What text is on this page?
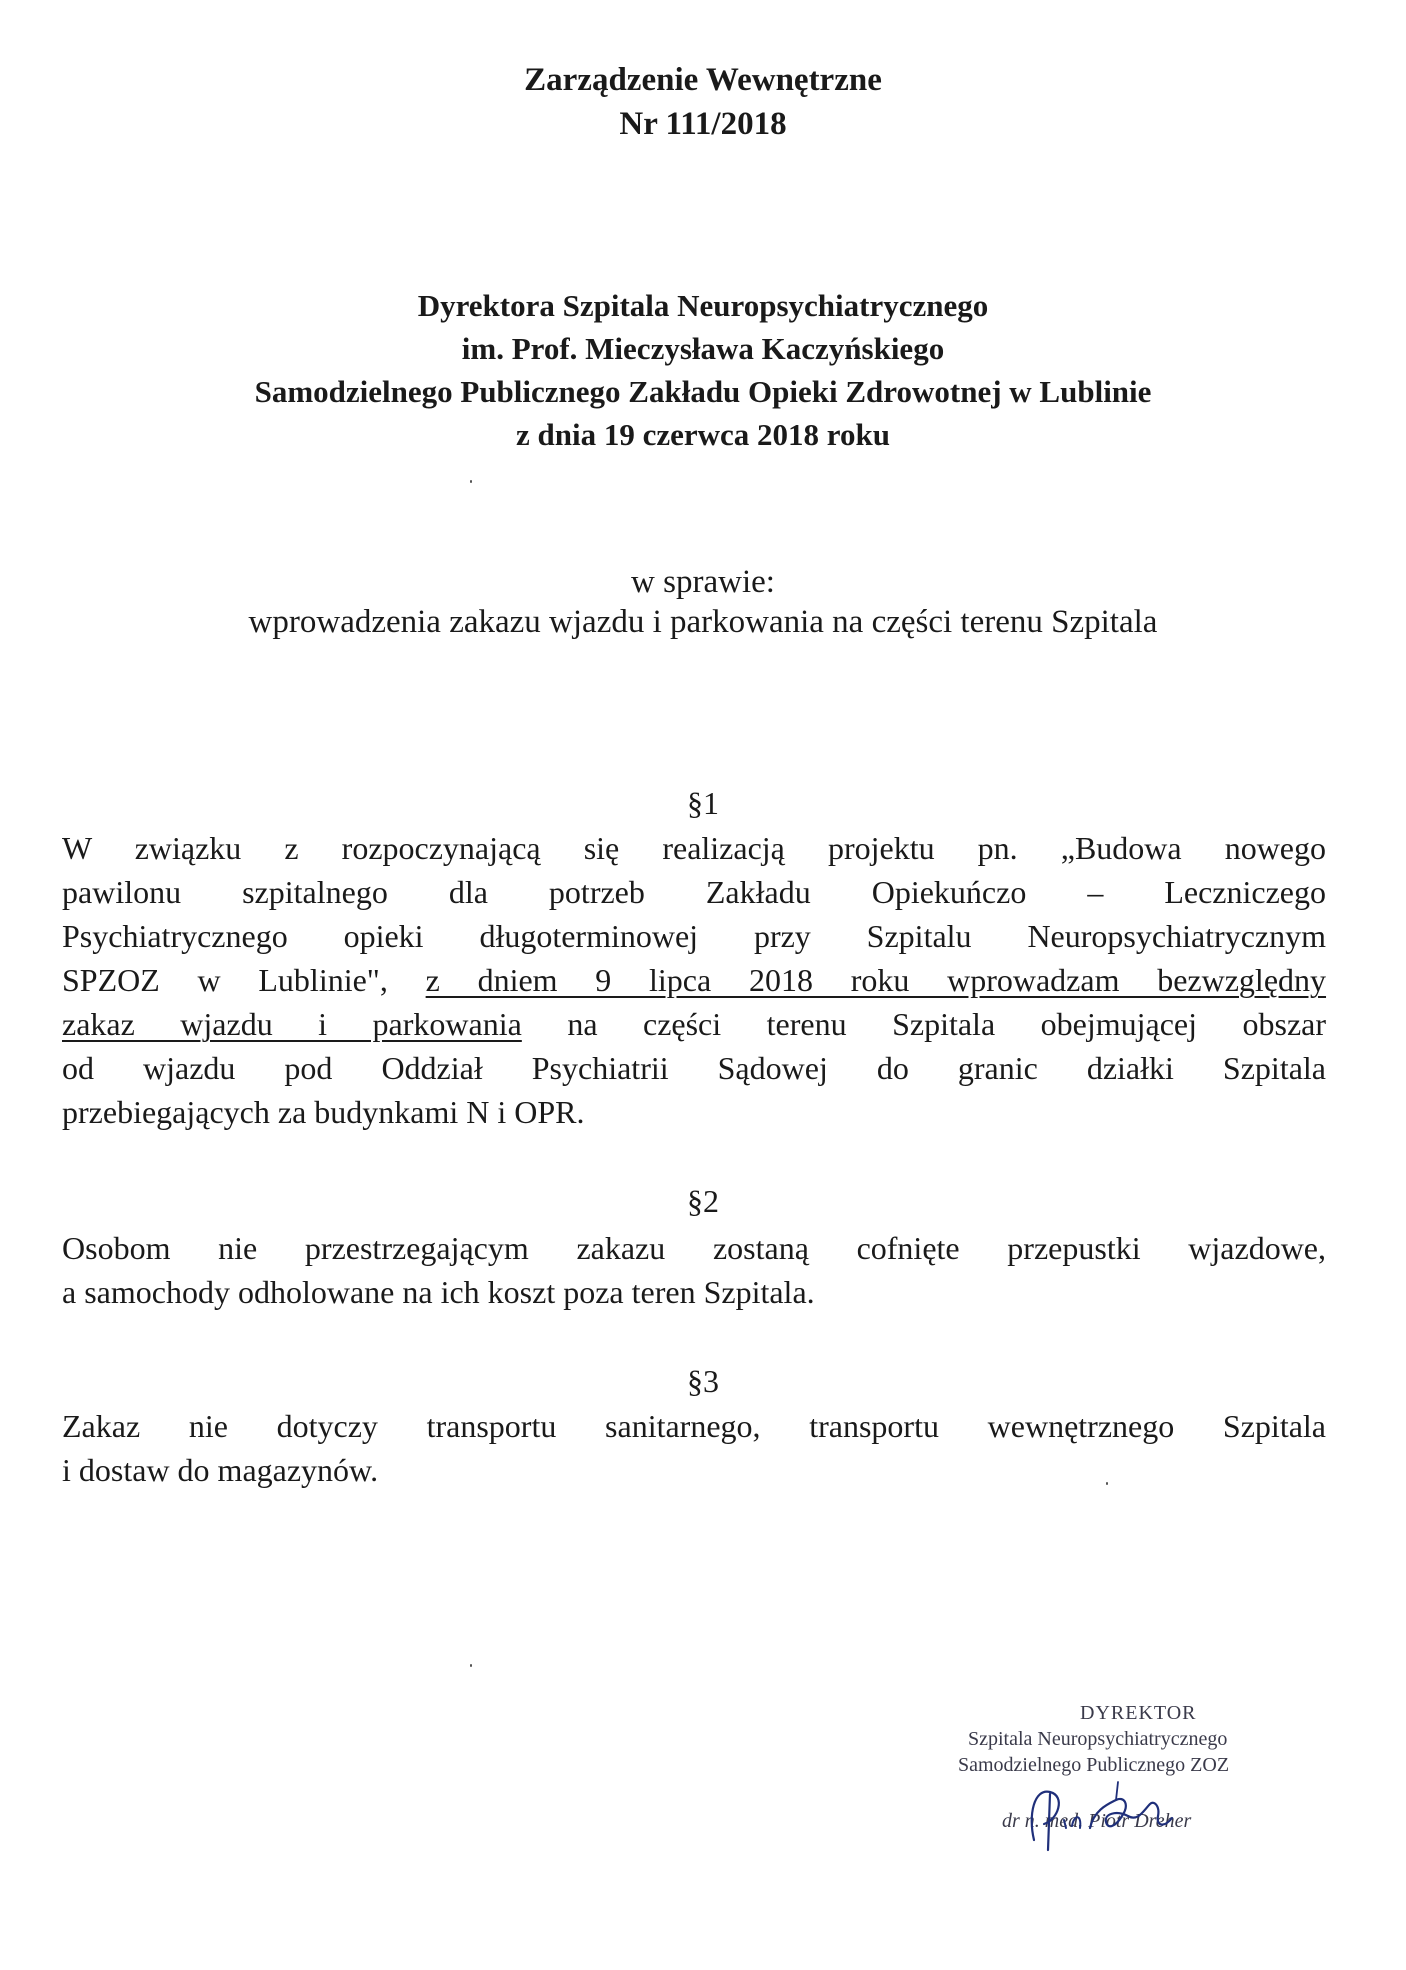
Zarządzenie Wewnętrzne
Nr 111/2018
Dyrektora Szpitala Neuropsychiatrycznego
im. Prof. Mieczysława Kaczyńskiego
Samodzielnego Publicznego Zakładu Opieki Zdrowotnej w Lublinie
z dnia 19 czerwca 2018 roku
w sprawie:
wprowadzenia zakazu wjazdu i parkowania na części terenu Szpitala
§1
W związku z rozpoczynającą się realizacją projektu pn. „Budowa nowego
pawilonu szpitalnego dla potrzeb Zakładu Opiekuńczo – Leczniczego
Psychiatrycznego opieki długoterminowej przy Szpitalu Neuropsychiatrycznym
SPZOZ w Lublinie", z dniem 9 lipca 2018 roku wprowadzam bezwzględny
zakaz wjazdu i parkowania na części terenu Szpitala obejmującej obszar
od wjazdu pod Oddział Psychiatrii Sądowej do granic działki Szpitala
przebiegających za budynkami N i OPR.
§2
Osobom nie przestrzegającym zakazu zostaną cofnięte przepustki wjazdowe,
a samochody odholowane na ich koszt poza teren Szpitala.
§3
Zakaz nie dotyczy transportu sanitarnego, transportu wewnętrznego Szpitala
i dostaw do magazynów.
DYREKTOR
Szpitala Neuropsychiatrycznego
Samodzielnego Publicznego ZOZ
dr n. med. Piotr Dreher
